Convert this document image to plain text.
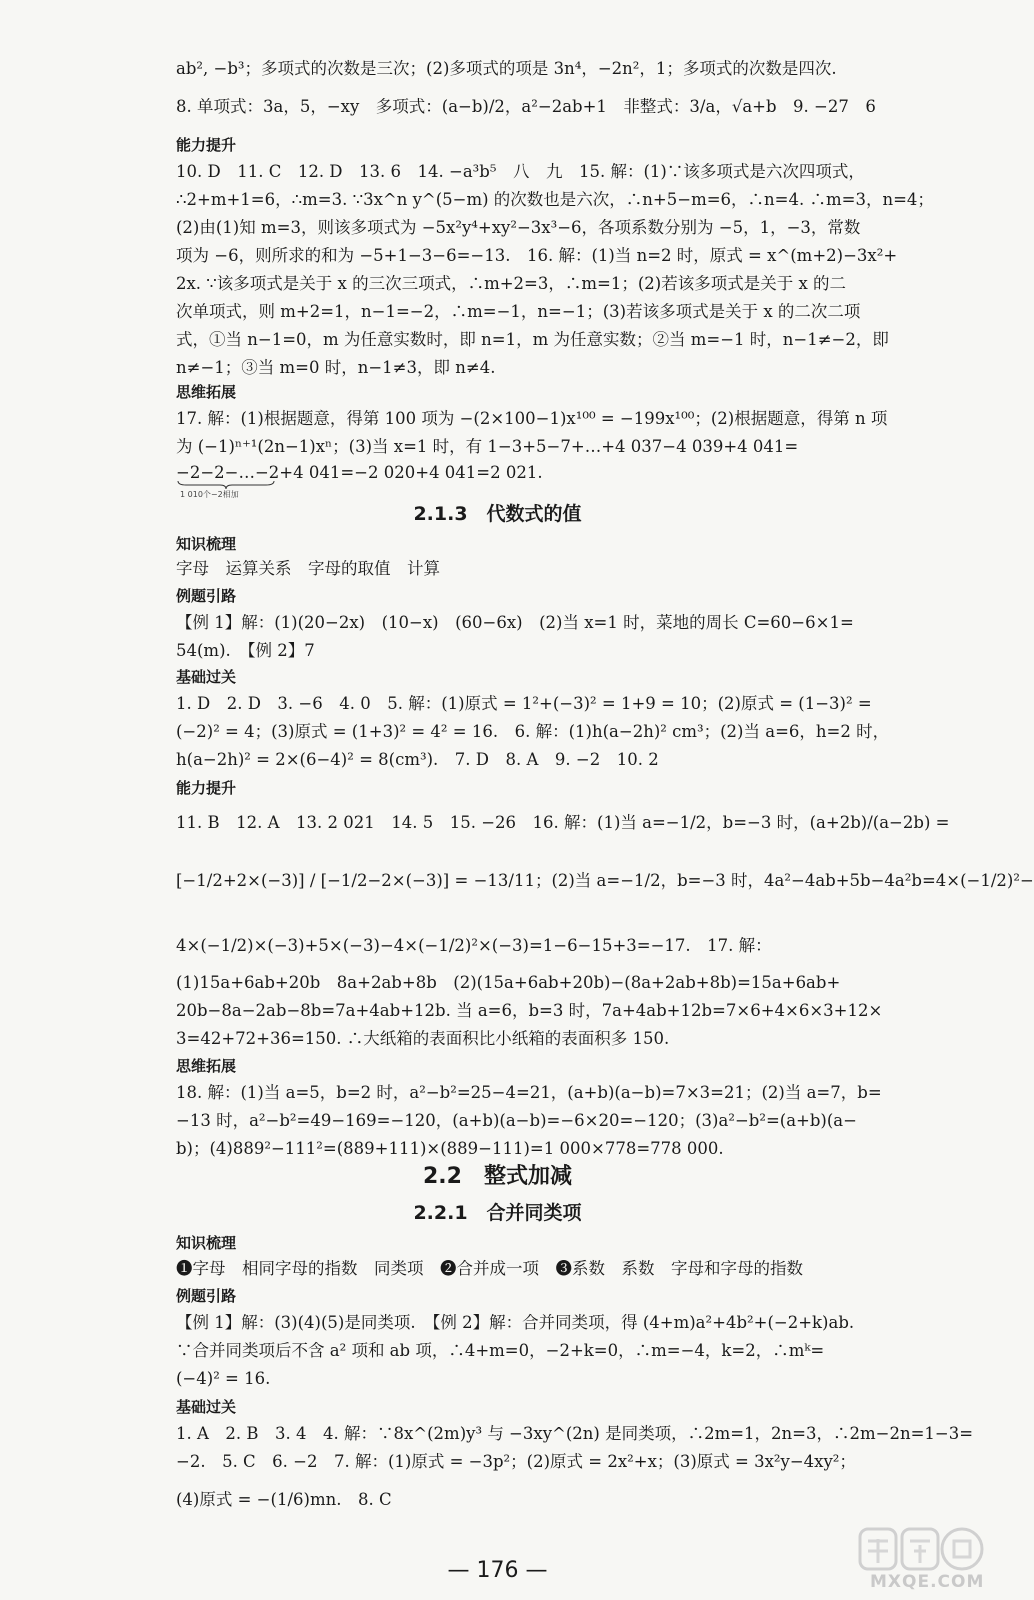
ab², −b³；多项式的次数是三次；(2)多项式的项是 3n⁴，−2n²，1；多项式的次数是四次.
8. 单项式：3a，5，−xy　多项式：(a−b)/2，a²−2ab+1　非整式：3/a，√a+b　9. −27　6
能力提升
10. D　11. C　12. D　13. 6　14. −a³b⁵　八　九　15. 解：(1)∵该多项式是六次四项式，
∴2+m+1=6，∴m=3. ∵3x^n y^(5−m) 的次数也是六次，∴n+5−m=6，∴n=4. ∴m=3，n=4；
(2)由(1)知 m=3，则该多项式为 −5x²y⁴+xy²−3x³−6，各项系数分别为 −5，1，−3，常数
项为 −6，则所求的和为 −5+1−3−6=−13.　16. 解：(1)当 n=2 时，原式 = x^(m+2)−3x²+
2x. ∵该多项式是关于 x 的三次三项式，∴m+2=3，∴m=1；(2)若该多项式是关于 x 的二
次单项式，则 m+2=1，n−1=−2，∴m=−1，n=−1；(3)若该多项式是关于 x 的二次二项
式，①当 n−1=0，m 为任意实数时，即 n=1，m 为任意实数；②当 m=−1 时，n−1≠−2，即
n≠−1；③当 m=0 时，n−1≠3，即 n≠4.
思维拓展
17. 解：(1)根据题意，得第 100 项为 −(2×100−1)x¹⁰⁰ = −199x¹⁰⁰；(2)根据题意，得第 n 项
为 (−1)ⁿ⁺¹(2n−1)xⁿ；(3)当 x=1 时，有 1−3+5−7+…+4 037−4 039+4 041=
−2−2−…−2+4 041=−2 020+4 041=2 021.
1 010个−2相加
2.1.3　代数式的值
知识梳理
字母　运算关系　字母的取值　计算
例题引路
【例 1】解：(1)(20−2x)　(10−x)　(60−6x)　(2)当 x=1 时，菜地的周长 C=60−6×1=
54(m).　【例 2】7
基础过关
1. D　2. D　3. −6　4. 0　5. 解：(1)原式 = 1²+(−3)² = 1+9 = 10；(2)原式 = (1−3)² =
(−2)² = 4；(3)原式 = (1+3)² = 4² = 16.　6. 解：(1)h(a−2h)² cm³；(2)当 a=6，h=2 时，
h(a−2h)² = 2×(6−4)² = 8(cm³).　7. D　8. A　9. −2　10. 2
能力提升
11. B　12. A　13. 2 021　14. 5　15. −26　16. 解：(1)当 a=−1/2，b=−3 时，(a+2b)/(a−2b) =
[−1/2+2×(−3)] / [−1/2−2×(−3)] = −13/11；(2)当 a=−1/2，b=−3 时，4a²−4ab+5b−4a²b=4×(−1/2)²−
4×(−1/2)×(−3)+5×(−3)−4×(−1/2)²×(−3)=1−6−15+3=−17.　17. 解：
(1)15a+6ab+20b　8a+2ab+8b　(2)(15a+6ab+20b)−(8a+2ab+8b)=15a+6ab+
20b−8a−2ab−8b=7a+4ab+12b. 当 a=6，b=3 时，7a+4ab+12b=7×6+4×6×3+12×
3=42+72+36=150. ∴大纸箱的表面积比小纸箱的表面积多 150.
思维拓展
18. 解：(1)当 a=5，b=2 时，a²−b²=25−4=21，(a+b)(a−b)=7×3=21；(2)当 a=7，b=
−13 时，a²−b²=49−169=−120，(a+b)(a−b)=−6×20=−120；(3)a²−b²=(a+b)(a−
b)；(4)889²−111²=(889+111)×(889−111)=1 000×778=778 000.
2.2　整式加减
2.2.1　合并同类项
知识梳理
❶字母　相同字母的指数　同类项　❷合并成一项　❸系数　系数　字母和字母的指数
例题引路
【例 1】解：(3)(4)(5)是同类项.　【例 2】解：合并同类项，得 (4+m)a²+4b²+(−2+k)ab.
∵合并同类项后不含 a² 项和 ab 项，∴4+m=0，−2+k=0，∴m=−4，k=2，∴mᵏ=
(−4)² = 16.
基础过关
1. A　2. B　3. 4　4. 解：∵8x^(2m)y³ 与 −3xy^(2n) 是同类项，∴2m=1，2n=3，∴2m−2n=1−3=
−2.　5. C　6. −2　7. 解：(1)原式 = −3p²；(2)原式 = 2x²+x；(3)原式 = 3x²y−4xy²；
(4)原式 = −(1/6)mn.　8. C
— 176 —	MXQE.COM
